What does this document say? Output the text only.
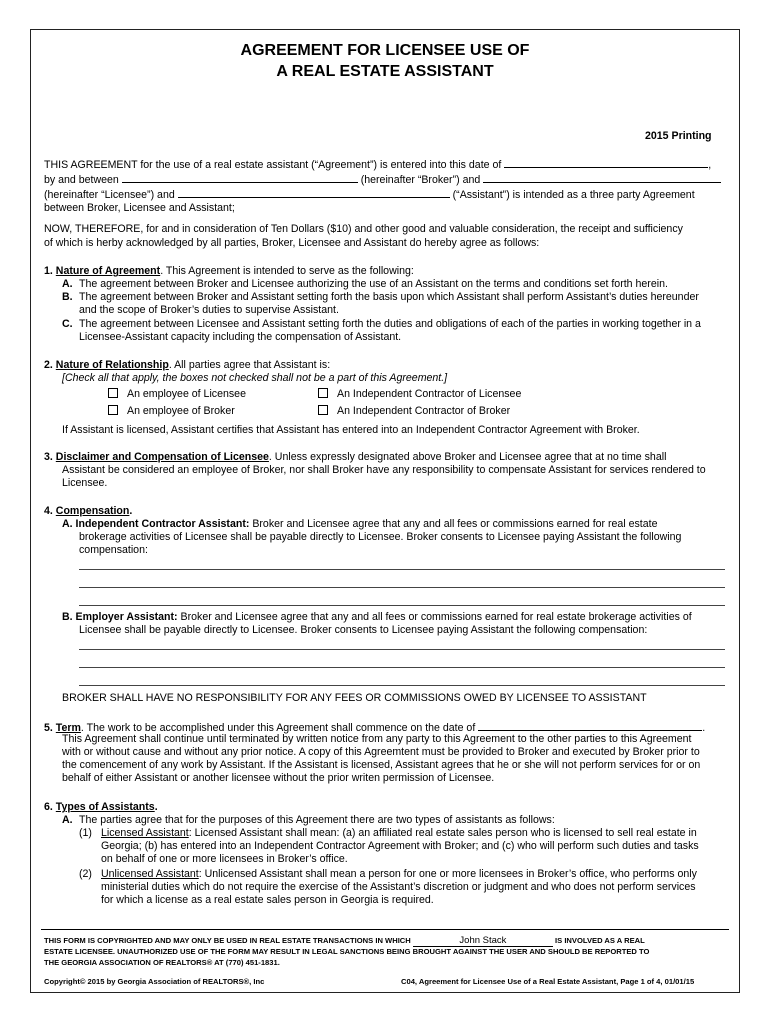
AGREEMENT FOR LICENSEE USE OF
A REAL ESTATE ASSISTANT
2015 Printing
THIS AGREEMENT for the use of a real estate assistant (“Agreement”) is entered into this date of	,
by and between	(hereinafter “Broker”) and
(hereinafter “Licensee”) and	(“Assistant”) is intended as a three party Agreement
between Broker, Licensee and Assistant;
NOW, THEREFORE, for and in consideration of Ten Dollars ($10) and other good and valuable consideration, the receipt and sufficiency
of which is herby acknowledged by all parties, Broker, Licensee and Assistant do hereby agree as follows:
1. Nature of Agreement. This Agreement is intended to serve as the following:
A. The agreement between Broker and Licensee authorizing the use of an Assistant on the terms and conditions set forth herein.
B. The agreement between Broker and Assistant setting forth the basis upon which Assistant shall perform Assistant’s duties hereunder
and the scope of Broker’s duties to supervise Assistant.
C. The agreement between Licensee and Assistant setting forth the duties and obligations of each of the parties in working together in a
Licensee-Assistant capacity including the compensation of Assistant.
2. Nature of Relationship. All parties agree that Assistant is:
[Check all that apply, the boxes not checked shall not be a part of this Agreement.]
An employee of Licensee	An Independent Contractor of Licensee
An employee of Broker	An Independent Contractor of Broker
If Assistant is licensed, Assistant certifies that Assistant has entered into an Independent Contractor Agreement with Broker.
3. Disclaimer and Compensation of Licensee. Unless expressly designated above Broker and Licensee agree that at no time shall
Assistant be considered an employee of Broker, nor shall Broker have any responsibility to compensate Assistant for services rendered to
Licensee.
4. Compensation.
A. Independent Contractor Assistant: Broker and Licensee agree that any and all fees or commissions earned for real estate
brokerage activities of Licensee shall be payable directly to Licensee. Broker consents to Licensee paying Assistant the following
compensation:
B. Employer Assistant: Broker and Licensee agree that any and all fees or commissions earned for real estate brokerage activities of
Licensee shall be payable directly to Licensee. Broker consents to Licensee paying Assistant the following compensation:
BROKER SHALL HAVE NO RESPONSIBILITY FOR ANY FEES OR COMMISSIONS OWED BY LICENSEE TO ASSISTANT
5. Term. The work to be accomplished under this Agreement shall commence on the date of	.
This Agreement shall continue until terminated by written notice from any party to this Agreement to the other parties to this Agreement
with or without cause and without any prior notice. A copy of this Agreemtent must be provided to Broker and executed by Broker prior to
the comencement of any work by Assistant. If the Assistant is licensed, Assistant agrees that he or she will not perform services for or on
behalf of either Assistant or another licensee without the prior writen permission of Licensee.
6. Types of Assistants.
A. The parties agree that for the purposes of this Agreement there are two types of assistants as follows:
(1) Licensed Assistant: Licensed Assistant shall mean: (a) an affiliated real estate sales person who is licensed to sell real estate in
Georgia; (b) has entered into an Independent Contractor Agreement with Broker; and (c) who will perform such duties and tasks
on behalf of one or more licensees in Broker’s office.
(2) Unlicensed Assistant: Unlicensed Assistant shall mean a person for one or more licensees in Broker’s office, who performs only
ministerial duties which do not require the exercise of the Assistant’s discretion or judgment and who does not perform services
for which a license as a real estate sales person in Georgia is required.
THIS FORM IS COPYRIGHTED AND MAY ONLY BE USED IN REAL ESTATE TRANSACTIONS IN WHICH	John Stack	IS INVOLVED AS A REAL
ESTATE LICENSEE. UNAUTHORIZED USE OF THE FORM MAY RESULT IN LEGAL SANCTIONS BEING BROUGHT AGAINST THE USER AND SHOULD BE REPORTED TO
THE GEORGIA ASSOCIATION OF REALTORS® AT (770) 451-1831.
Copyright© 2015 by Georgia Association of REALTORS®, Inc	C04, Agreement for Licensee Use of a Real Estate Assistant, Page 1 of 4, 01/01/15
